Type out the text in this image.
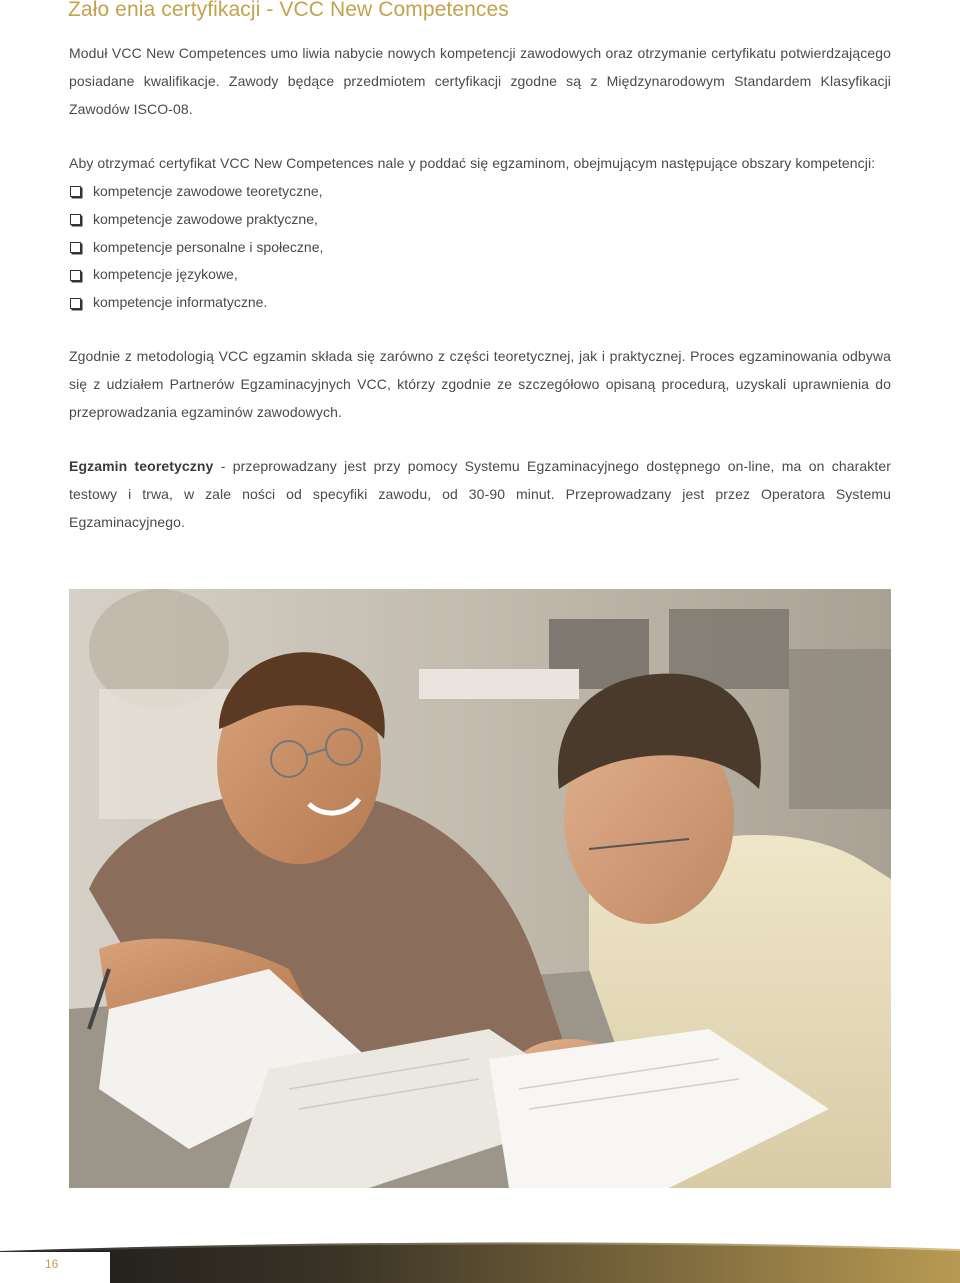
Zało enia certyfikacji - VCC New Competences

Moduł VCC New Competences umo liwia nabycie nowych kompetencji zawodowych oraz otrzymanie certyfikatu potwierdzającego posiadane kwalifikacje. Zawody będące przedmiotem certyfikacji zgodne są z Międzynarodowym Standardem Klasyfikacji Zawodów ISCO-08.

Aby otrzymać certyfikat VCC New Competences nale y poddać się egzaminom, obejmującym następujące obszary kompetencji:

kompetencje zawodowe teoretyczne,
kompetencje zawodowe praktyczne,
kompetencje personalne i społeczne,
kompetencje językowe,
kompetencje informatyczne.

Zgodnie z metodologią VCC egzamin składa się zarówno z części teoretycznej, jak i praktycznej. Proces egzaminowania odbywa się z udziałem Partnerów Egzaminacyjnych VCC, którzy zgodnie ze szczegółowo opisaną procedurą, uzyskali uprawnienia do przeprowadzania egzaminów zawodowych.

Egzamin teoretyczny - przeprowadzany jest przy pomocy Systemu Egzaminacyjnego dostępnego on-line, ma on charakter testowy i trwa, w zale ności od specyfiki zawodu, od 30-90 minut. Przeprowadzany jest przez Operatora Systemu Egzaminacyjnego.

16
